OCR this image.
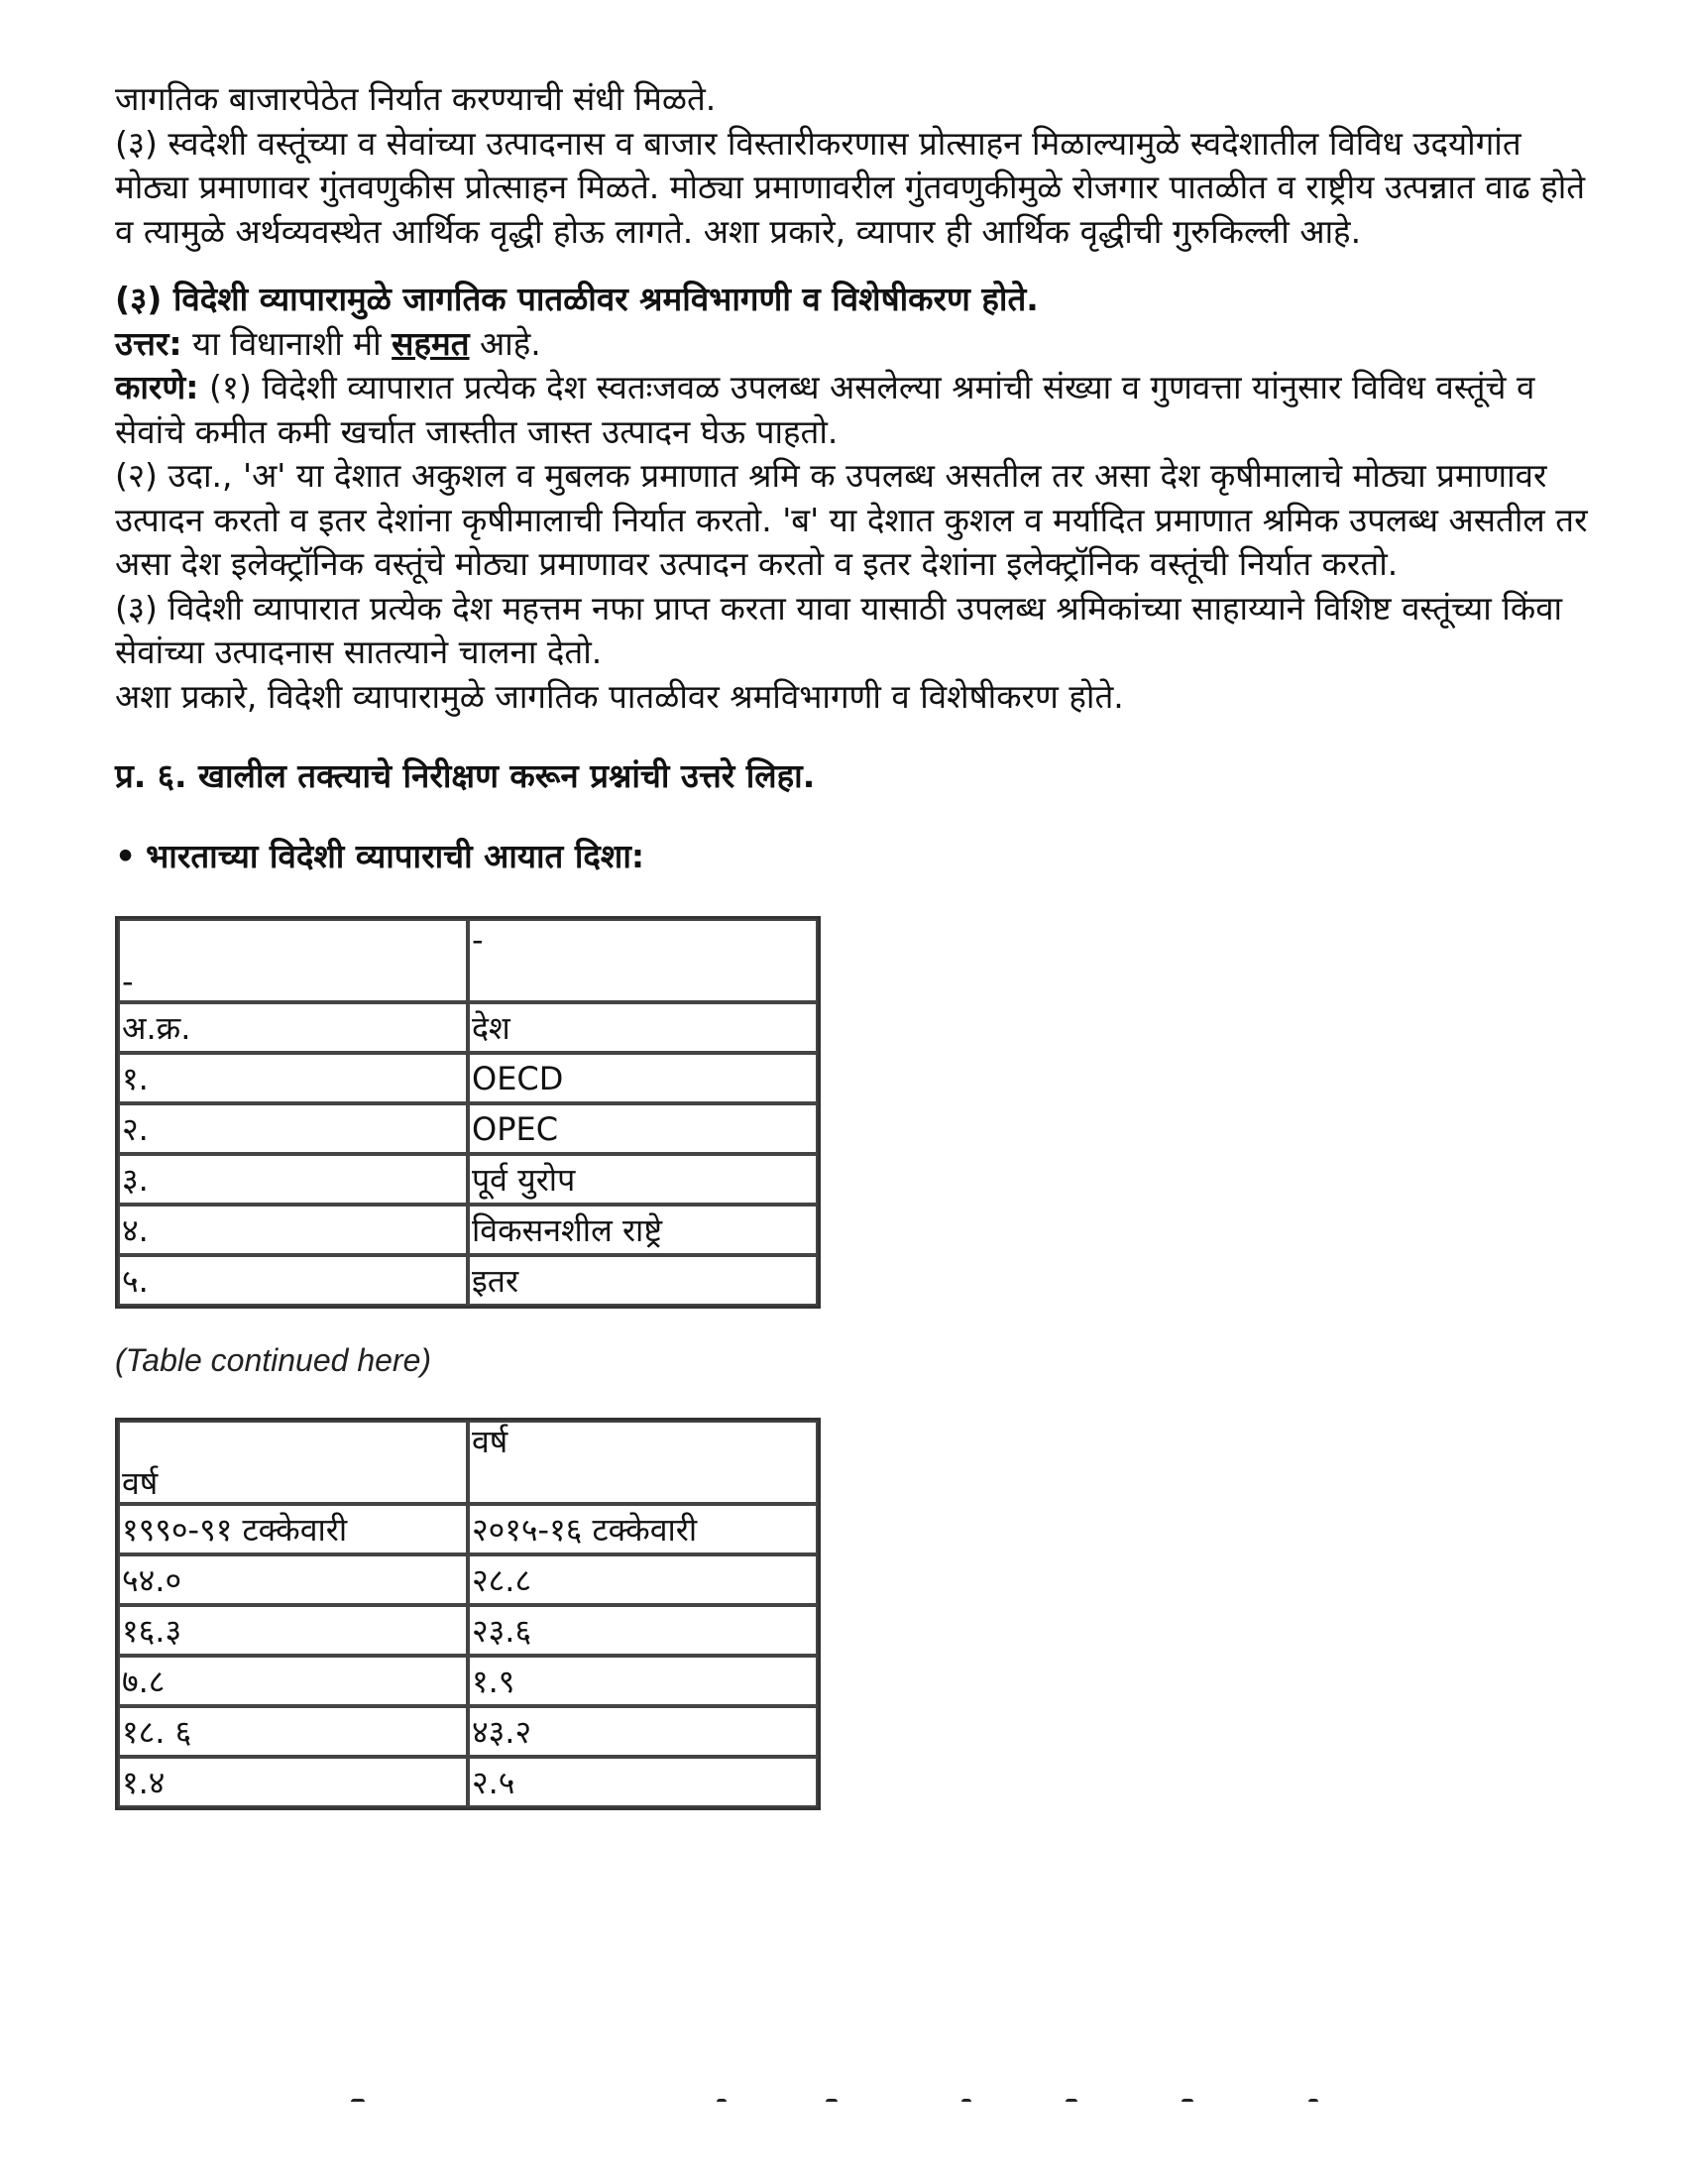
जागतिक बाजारपेठेत निर्यात करण्याची संधी मिळते.

(३) स्वदेशी वस्तूंच्या व सेवांच्या उत्पादनास व बाजार विस्तारीकरणास प्रोत्साहन मिळाल्यामुळे स्वदेशातील विविध उदयोगांत मोठ्या प्रमाणावर गुंतवणुकीस प्रोत्साहन मिळते. मोठ्या प्रमाणावरील गुंतवणुकीमुळे रोजगार पातळीत व राष्ट्रीय उत्पन्नात वाढ होते व त्यामुळे अर्थव्यवस्थेत आर्थिक वृद्धी होऊ लागते. अशा प्रकारे, व्यापार ही आर्थिक वृद्धीची गुरुकिल्ली आहे.

(३) विदेशी व्यापारामुळे जागतिक पातळीवर श्रमविभागणी व विशेषीकरण होते.

उत्तर: या विधानाशी मी सहमत आहे.

कारणे: (१) विदेशी व्यापारात प्रत्येक देश स्वतःजवळ उपलब्ध असलेल्या श्रमांची संख्या व गुणवत्ता यांनुसार विविध वस्तूंचे व सेवांचे कमीत कमी खर्चात जास्तीत जास्त उत्पादन घेऊ पाहतो.

(२) उदा., 'अ' या देशात अकुशल व मुबलक प्रमाणात श्रमि क उपलब्ध असतील तर असा देश कृषीमालाचे मोठ्या प्रमाणावर उत्पादन करतो व इतर देशांना कृषीमालाची निर्यात करतो. 'ब' या देशात कुशल व मर्यादित प्रमाणात श्रमिक उपलब्ध असतील तर असा देश इलेक्ट्रॉनिक वस्तूंचे मोठ्या प्रमाणावर उत्पादन करतो व इतर देशांना इलेक्ट्रॉनिक वस्तूंची निर्यात करतो.

(३) विदेशी व्यापारात प्रत्येक देश महत्तम नफा प्राप्त करता यावा यासाठी उपलब्ध श्रमिकांच्या साहाय्याने विशिष्ट वस्तूंच्या किंवा सेवांच्या उत्पादनास सातत्याने चालना देतो.

अशा प्रकारे, विदेशी व्यापारामुळे जागतिक पातळीवर श्रमविभागणी व विशेषीकरण होते.

प्र. ६. खालील तक्त्याचे निरीक्षण करून प्रश्नांची उत्तरे लिहा.

• भारताच्या विदेशी व्यापाराची आयात दिशा:

-	-
अ.क्र.	देश
१.	OECD
२.	OPEC
३.	पूर्व युरोप
४.	विकसनशील राष्ट्रे
५.	इतर

(Table continued here)

वर्ष	वर्ष
१९९०-९१ टक्केवारी	२०१५-१६ टक्केवारी
५४.०	२८.८
१६.३	२३.६
७.८	१.९
१८. ६	४३.२
१.४	२.५
